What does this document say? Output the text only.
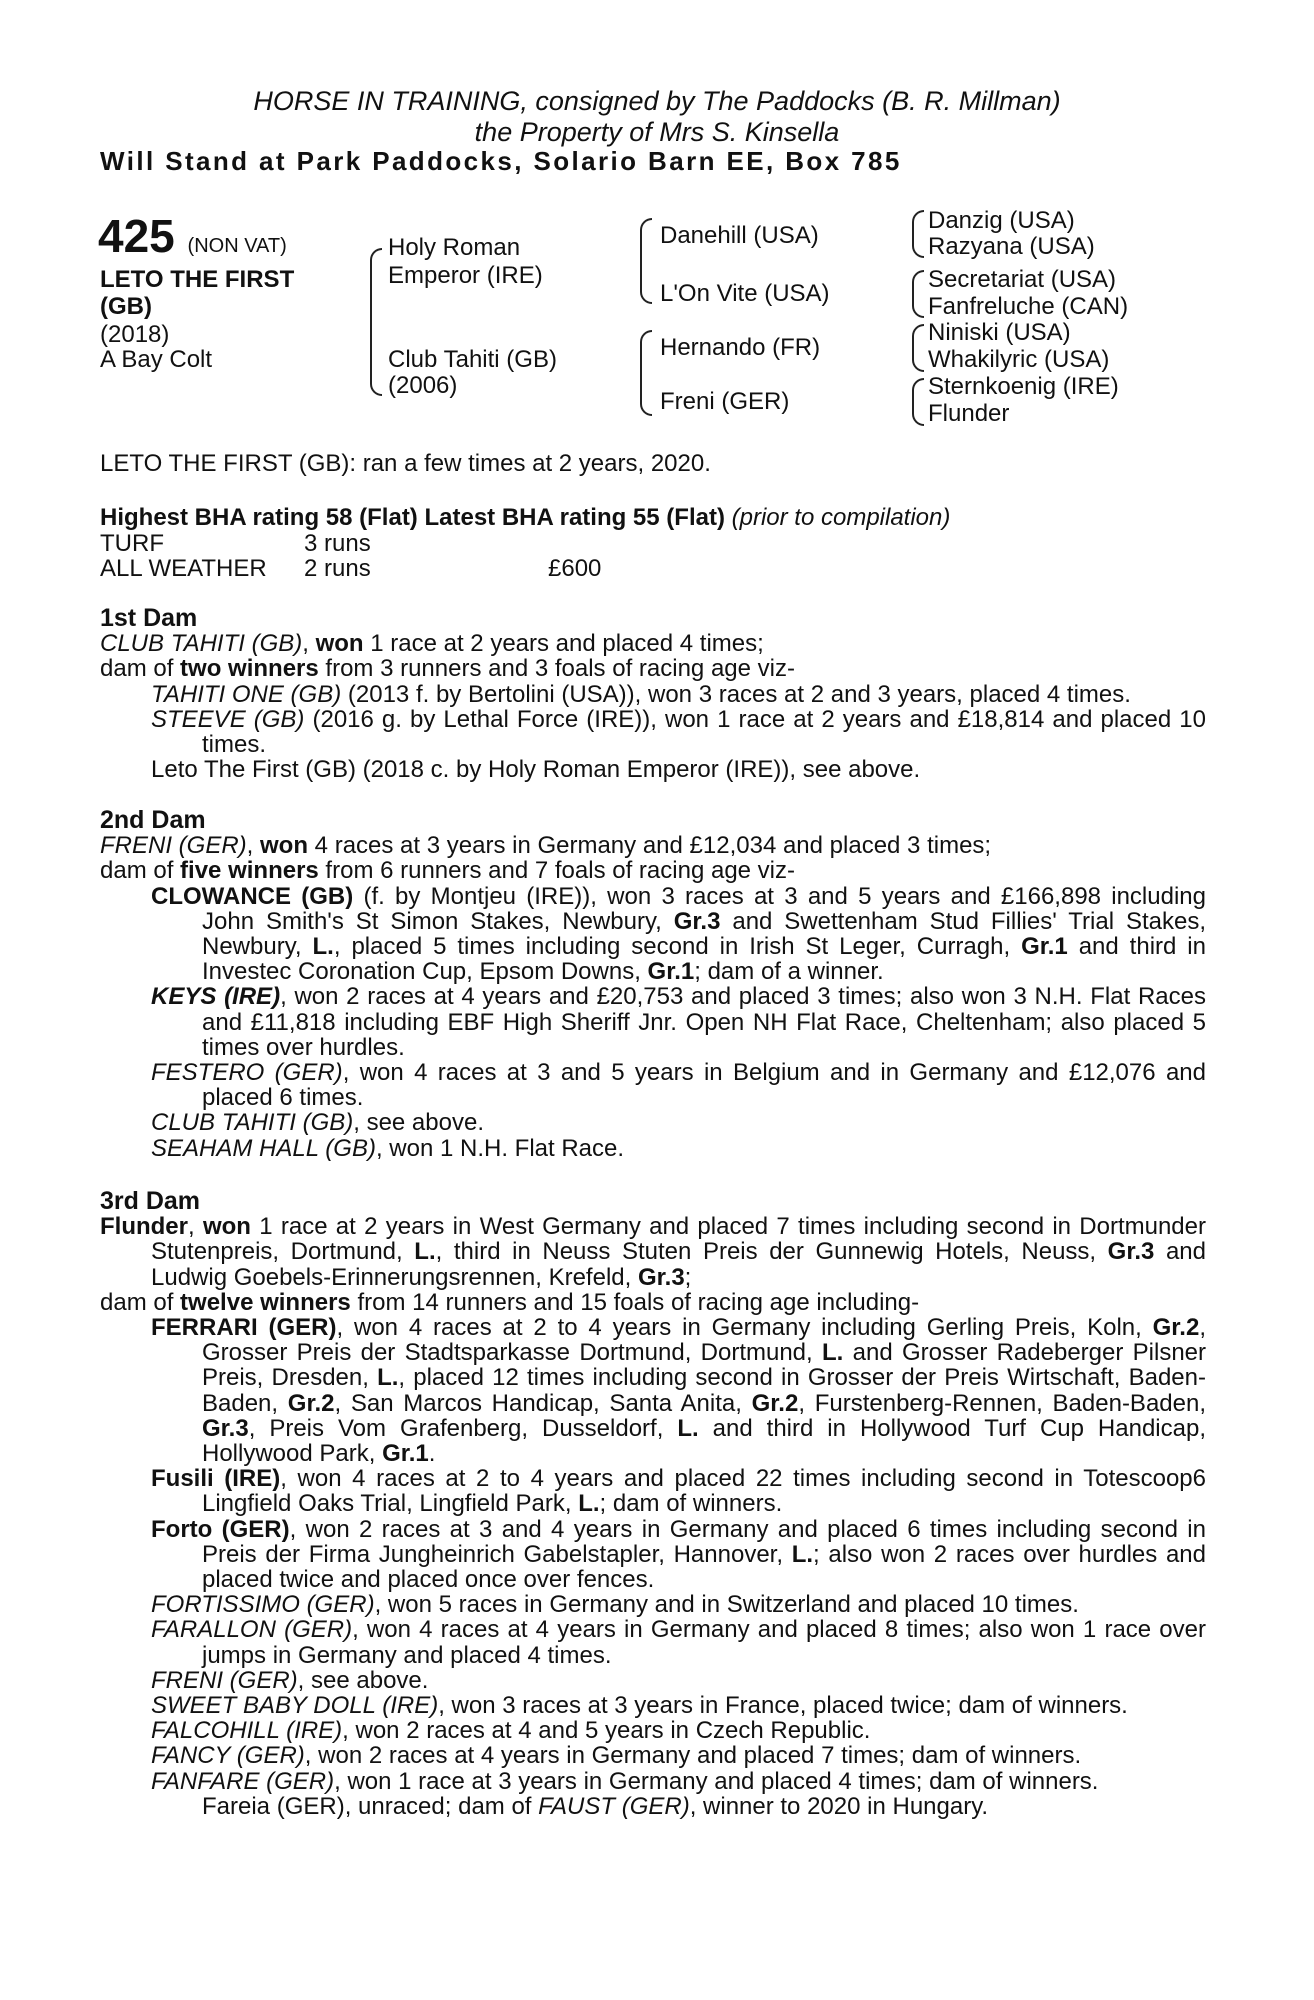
HORSE IN TRAINING, consigned by The Paddocks (B. R. Millman)
the Property of Mrs S. Kinsella
Will Stand at Park Paddocks, Solario Barn EE, Box 785
425 (NON VAT)
LETO THE FIRST
(GB)
(2018)
A Bay Colt
Holy Roman
Emperor (IRE)
Club Tahiti (GB)
(2006)
Danehill (USA)
L'On Vite (USA)
Hernando (FR)
Freni (GER)
Danzig (USA)
Razyana (USA)
Secretariat (USA)
Fanfreluche (CAN)
Niniski (USA)
Whakilyric (USA)
Sternkoenig (IRE)
Flunder
LETO THE FIRST (GB): ran a few times at 2 years, 2020.
Highest BHA rating 58 (Flat) Latest BHA rating 55 (Flat) (prior to compilation)
TURF	3 runs
ALL WEATHER 2 runs	£600
1st Dam

CLUB TAHITI (GB), won 1 race at 2 years and placed 4 times;

dam of two winners from 3 runners and 3 foals of racing age viz-

TAHITI ONE (GB) (2013 f. by Bertolini (USA)), won 3 races at 2 and 3 years, placed 4 times.

STEEVE (GB) (2016 g. by Lethal Force (IRE)), won 1 race at 2 years and £18,814 and placed 10 times.

Leto The First (GB) (2018 c. by Holy Roman Emperor (IRE)), see above.

2nd Dam

FRENI (GER), won 4 races at 3 years in Germany and £12,034 and placed 3 times;

dam of five winners from 6 runners and 7 foals of racing age viz-

CLOWANCE (GB) (f. by Montjeu (IRE)), won 3 races at 3 and 5 years and £166,898 including John Smith's St Simon Stakes, Newbury, Gr.3 and Swettenham Stud Fillies' Trial Stakes, Newbury, L., placed 5 times including second in Irish St Leger, Curragh, Gr.1 and third in Investec Coronation Cup, Epsom Downs, Gr.1; dam of a winner.

KEYS (IRE), won 2 races at 4 years and £20,753 and placed 3 times; also won 3 N.H. Flat Races and £11,818 including EBF High Sheriff Jnr. Open NH Flat Race, Cheltenham; also placed 5 times over hurdles.

FESTERO (GER), won 4 races at 3 and 5 years in Belgium and in Germany and £12,076 and placed 6 times.

CLUB TAHITI (GB), see above.

SEAHAM HALL (GB), won 1 N.H. Flat Race.

3rd Dam

Flunder, won 1 race at 2 years in West Germany and placed 7 times including second in Dortmunder Stutenpreis, Dortmund, L., third in Neuss Stuten Preis der Gunnewig Hotels, Neuss, Gr.3 and Ludwig Goebels-Erinnerungsrennen, Krefeld, Gr.3;

dam of twelve winners from 14 runners and 15 foals of racing age including-

FERRARI (GER), won 4 races at 2 to 4 years in Germany including Gerling Preis, Koln, Gr.2, Grosser Preis der Stadtsparkasse Dortmund, Dortmund, L. and Grosser Radeberger Pilsner Preis, Dresden, L., placed 12 times including second in Grosser der Preis Wirtschaft, Baden-Baden, Gr.2, San Marcos Handicap, Santa Anita, Gr.2, Furstenberg-Rennen, Baden-Baden, Gr.3, Preis Vom Grafenberg, Dusseldorf, L. and third in Hollywood Turf Cup Handicap, Hollywood Park, Gr.1.

Fusili (IRE), won 4 races at 2 to 4 years and placed 22 times including second in Totescoop6 Lingfield Oaks Trial, Lingfield Park, L.; dam of winners.

Forto (GER), won 2 races at 3 and 4 years in Germany and placed 6 times including second in Preis der Firma Jungheinrich Gabelstapler, Hannover, L.; also won 2 races over hurdles and placed twice and placed once over fences.

FORTISSIMO (GER), won 5 races in Germany and in Switzerland and placed 10 times.

FARALLON (GER), won 4 races at 4 years in Germany and placed 8 times; also won 1 race over jumps in Germany and placed 4 times.

FRENI (GER), see above.

SWEET BABY DOLL (IRE), won 3 races at 3 years in France, placed twice; dam of winners.

FALCOHILL (IRE), won 2 races at 4 and 5 years in Czech Republic.

FANCY (GER), won 2 races at 4 years in Germany and placed 7 times; dam of winners.

FANFARE (GER), won 1 race at 3 years in Germany and placed 4 times; dam of winners.

Fareia (GER), unraced; dam of FAUST (GER), winner to 2020 in Hungary.
